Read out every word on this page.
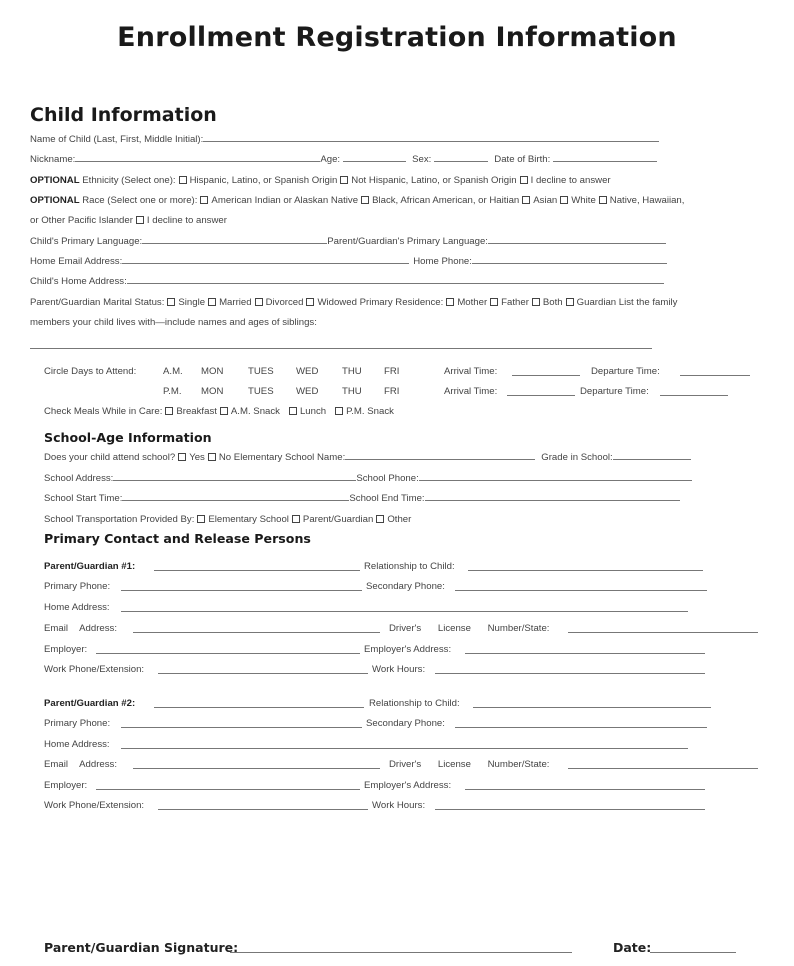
Enrollment Registration Information
Child Information
Name of Child (Last, First, Middle Initial):
Nickname:	Age:	Sex:	Date of Birth:
OPTIONAL Ethnicity (Select one): Hispanic, Latino, or Spanish Origin Not Hispanic, Latino, or Spanish Origin I decline to answer
OPTIONAL Race (Select one or more): American Indian or Alaskan Native Black, African American, or Haitian Asian White Native, Hawaiian,
or Other Pacific Islander I decline to answer
Child's Primary Language:	Parent/Guardian's Primary Language:
Home Email Address:	Home Phone:
Child's Home Address:
Parent/Guardian Marital Status: Single Married Divorced Widowed Primary Residence: Mother Father Both Guardian List the family
members your child lives with—include names and ages of siblings:
Circle Days to Attend:	A.M. MON	TUES WED THU FRI	Arrival Time:	Departure Time:
P.M. MON	TUES WED THU FRI	Arrival Time:	Departure Time:
Check Meals While in Care: Breakfast A.M. Snack Lunch P.M. Snack
School-Age Information
Does your child attend school? Yes No Elementary School Name:	Grade in School:
School Address:	School Phone:
School Start Time:	School End Time:
School Transportation Provided By: Elementary School Parent/Guardian Other
Primary Contact and Release Persons
Parent/Guardian #1:	Relationship to Child:
Primary Phone:	Secondary Phone:
Home Address:
Email Address:	Driver's License Number/State:
Employer:	Employer's Address:
Work Phone/Extension:	Work Hours:
Parent/Guardian #2:	Relationship to Child:
Primary Phone:	Secondary Phone:
Home Address:
Email Address:	Driver's License Number/State:
Employer:	Employer's Address:
Work Phone/Extension:	Work Hours:
Parent/Guardian Signature:	Date:
